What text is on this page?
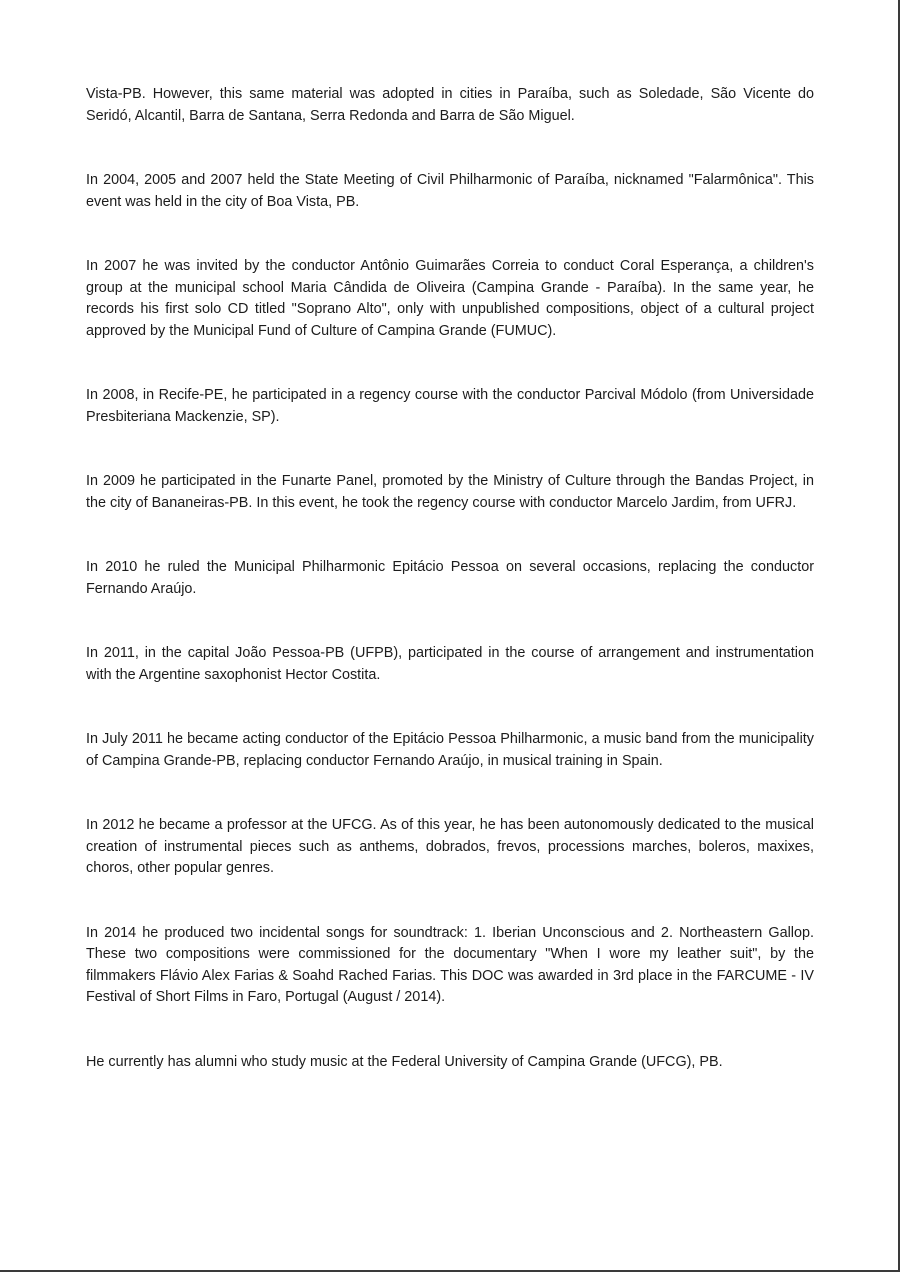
Vista-PB. However, this same material was adopted in cities in Paraíba, such as Soledade, São Vicente do Seridó, Alcantil, Barra de Santana, Serra Redonda and Barra de São Miguel.

In 2004, 2005 and 2007 held the State Meeting of Civil Philharmonic of Paraíba, nicknamed "Falarmônica". This event was held in the city of Boa Vista, PB.

In 2007 he was invited by the conductor Antônio Guimarães Correia to conduct Coral Esperança, a children's group at the municipal school Maria Cândida de Oliveira (Campina Grande - Paraíba). In the same year, he records his first solo CD titled "Soprano Alto", only with unpublished compositions, object of a cultural project approved by the Municipal Fund of Culture of Campina Grande (FUMUC).

In 2008, in Recife-PE, he participated in a regency course with the conductor Parcival Módolo (from Universidade Presbiteriana Mackenzie, SP).

In 2009 he participated in the Funarte Panel, promoted by the Ministry of Culture through the Bandas Project, in the city of Bananeiras-PB. In this event, he took the regency course with conductor Marcelo Jardim, from UFRJ.

In 2010 he ruled the Municipal Philharmonic Epitácio Pessoa on several occasions, replacing the conductor Fernando Araújo.

In 2011, in the capital João Pessoa-PB (UFPB), participated in the course of arrangement and instrumentation with the Argentine saxophonist Hector Costita.

In July 2011 he became acting conductor of the Epitácio Pessoa Philharmonic, a music band from the municipality of Campina Grande-PB, replacing conductor Fernando Araújo, in musical training in Spain.

In 2012 he became a professor at the UFCG. As of this year, he has been autonomously dedicated to the musical creation of instrumental pieces such as anthems, dobrados, frevos, processions marches, boleros, maxixes, choros, other popular genres.

In 2014 he produced two incidental songs for soundtrack: 1. Iberian Unconscious and 2. Northeastern Gallop. These two compositions were commissioned for the documentary "When I wore my leather suit", by the filmmakers Flávio Alex Farias & Soahd Rached Farias. This DOC was awarded in 3rd place in the FARCUME - IV Festival of Short Films in Faro, Portugal (August / 2014).

He currently has alumni who study music at the Federal University of Campina Grande (UFCG), PB.
